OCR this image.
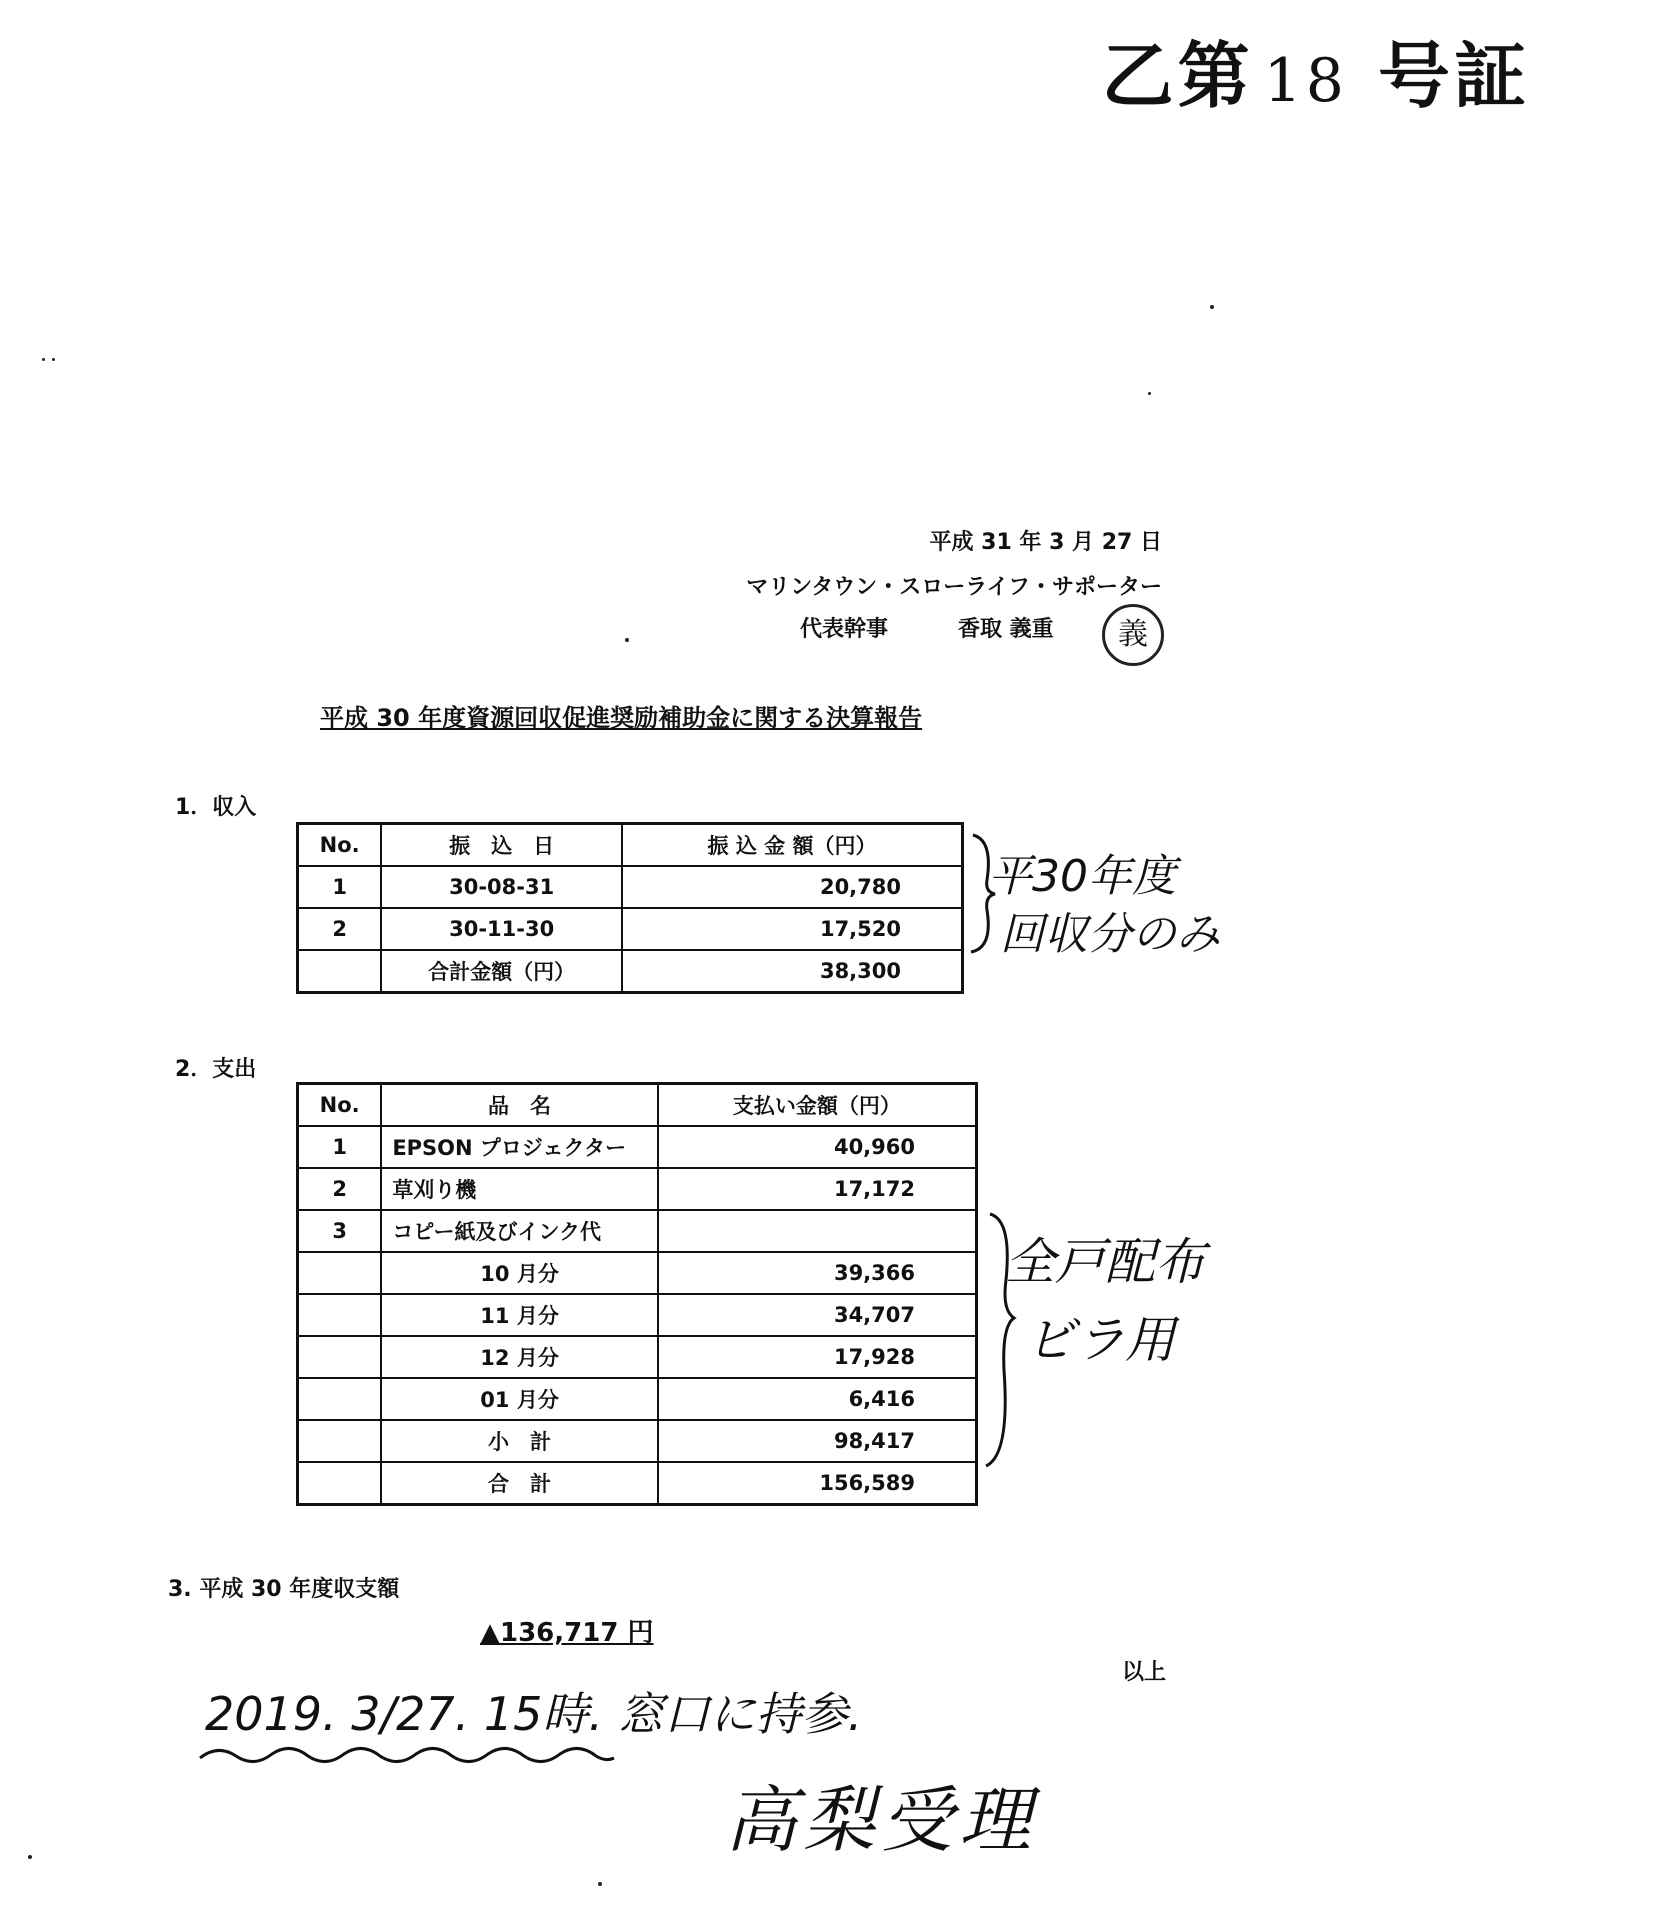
乙第 18 号証
平成 31 年 3 月 27 日
マリンタウン・スローライフ・サポーター
代表幹事	香取 義重	義
平成 30 年度資源回収促進奨励補助金に関する決算報告
1．収入
No.	振　込　日	振 込 金 額（円）
1	30-08-31	20,780
2	30-11-30	17,520
	合計金額（円）	38,300
平30年度
回収分のみ
2．支出
No.	品　名	支払い金額（円）
1	EPSON プロジェクター	40,960
2	草刈り機	17,172
3	コピー紙及びインク代	
	10 月分	39,366
	11 月分	34,707
	12 月分	17,928
	01 月分	6,416
	小　計	98,417
	合　計	156,589
全戸配布
ビラ用
3. 平成 30 年度収支額
▲136,717 円
以上
2019. 3/27. 15時. 窓口に持参.
高梨受理
